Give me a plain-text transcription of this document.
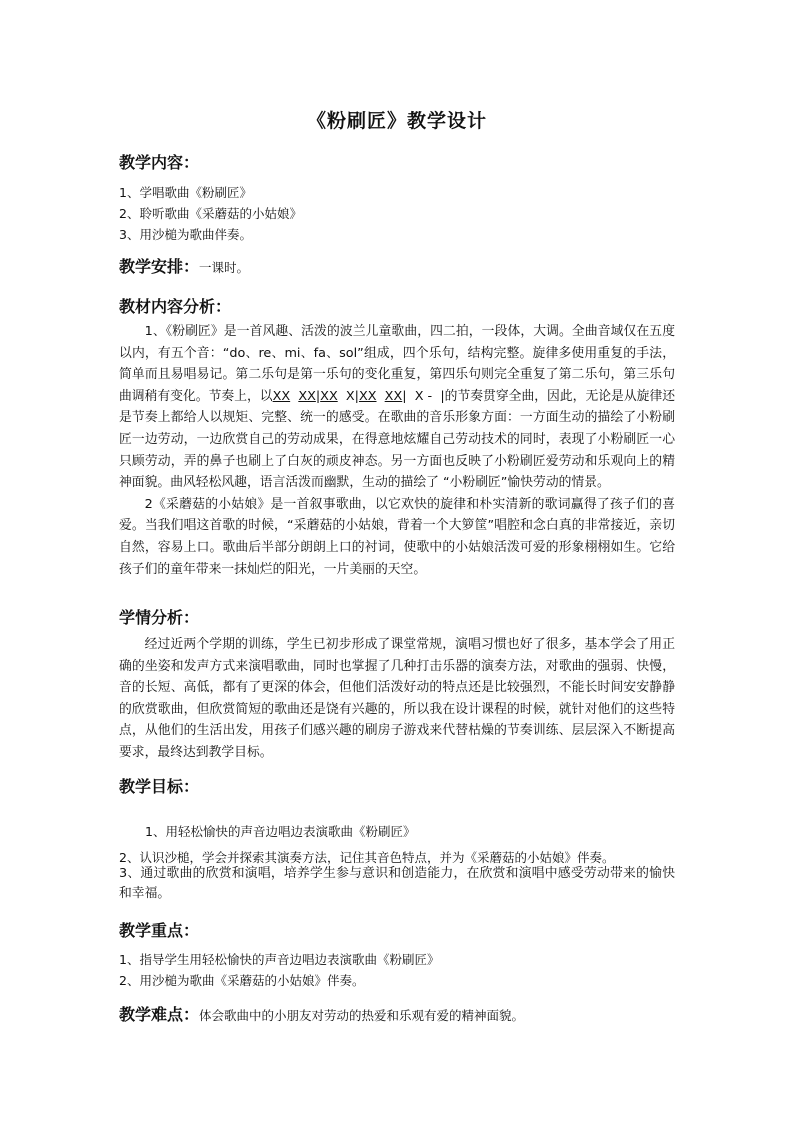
《粉刷匠》教学设计
教学内容：
1、学唱歌曲《粉刷匠》
2、聆听歌曲《采蘑菇的小姑娘》
3、用沙槌为歌曲伴奏。
教学安排：一课时。
教材内容分析：

1、《粉刷匠》是一首风趣、活泼的波兰儿童歌曲，四二拍，一段体，大调。全曲音域仅在五度以内，有五个音：“do、re、mi、fa、sol”组成，四个乐句，结构完整。旋律多使用重复的手法，简单而且易唱易记。第二乐句是第一乐句的变化重复，第四乐句则完全重复了第二乐句，第三乐句曲调稍有变化。节奏上，以XX XX|XX X|XX XX| X - |的节奏贯穿全曲，因此，无论是从旋律还是节奏上都给人以规矩、完整、统一的感受。在歌曲的音乐形象方面：一方面生动的描绘了小粉刷匠一边劳动，一边欣赏自己的劳动成果，在得意地炫耀自己劳动技术的同时，表现了小粉刷匠一心只顾劳动，弄的鼻子也刷上了白灰的顽皮神态。另一方面也反映了小粉刷匠爱劳动和乐观向上的精神面貌。曲风轻松风趣，语言活泼而幽默，生动的描绘了 “小粉刷匠”愉快劳动的情景。

2《采蘑菇的小姑娘》是一首叙事歌曲，以它欢快的旋律和朴实清新的歌词赢得了孩子们的喜爱。当我们唱这首歌的时候，“采蘑菇的小姑娘，背着一个大箩筐”唱腔和念白真的非常接近，亲切自然，容易上口。歌曲后半部分朗朗上口的衬词，使歌中的小姑娘活泼可爱的形象栩栩如生。它给孩子们的童年带来一抹灿烂的阳光，一片美丽的天空。

学情分析：

经过近两个学期的训练，学生已初步形成了课堂常规，演唱习惯也好了很多，基本学会了用正确的坐姿和发声方式来演唱歌曲，同时也掌握了几种打击乐器的演奏方法，对歌曲的强弱、快慢，音的长短、高低，都有了更深的体会，但他们活泼好动的特点还是比较强烈，不能长时间安安静静的欣赏歌曲，但欣赏简短的歌曲还是饶有兴趣的，所以我在设计课程的时候，就针对他们的这些特点，从他们的生活出发，用孩子们感兴趣的刷房子游戏来代替枯燥的节奏训练、层层深入不断提高要求，最终达到教学目标。

教学目标：
1、用轻松愉快的声音边唱边表演歌曲《粉刷匠》
2、认识沙槌，学会并探索其演奏方法，记住其音色特点，并为《采蘑菇的小姑娘》伴奏。
3、通过歌曲的欣赏和演唱，培养学生参与意识和创造能力，在欣赏和演唱中感受劳动带来的愉快和幸福。
教学重点：
1、指导学生用轻松愉快的声音边唱边表演歌曲《粉刷匠》
2、用沙槌为歌曲《采蘑菇的小姑娘》伴奏。
教学难点：体会歌曲中的小朋友对劳动的热爱和乐观有爱的精神面貌。
